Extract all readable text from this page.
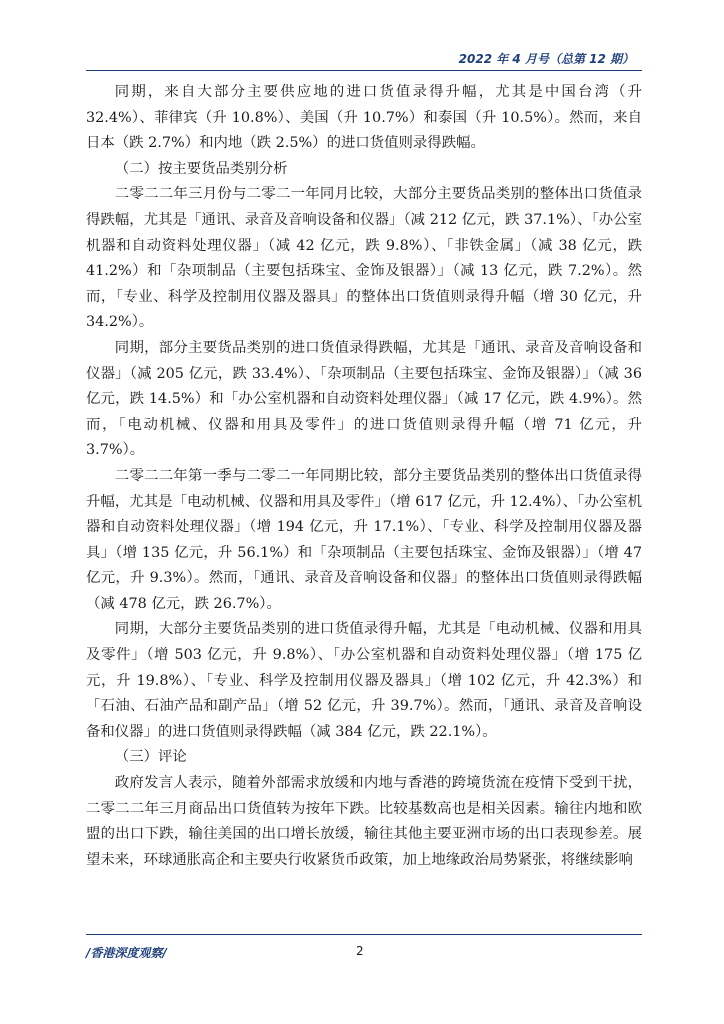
2022 年 4 月号（总第 12 期）

同期，来自大部分主要供应地的进口货值录得升幅，尤其是中国台湾（升 32.4%）、菲律宾（升 10.8%）、美国（升 10.7%）和泰国（升 10.5%）。然而，来自日本（跌 2.7%）和内地（跌 2.5%）的进口货值则录得跌幅。

（二）按主要货品类别分析

二零二二年三月份与二零二一年同月比较，大部分主要货品类别的整体出口货值录得跌幅，尤其是「通讯、录音及音响设备和仪器」（减 212 亿元，跌 37.1%）、「办公室机器和自动资料处理仪器」（减 42 亿元，跌 9.8%）、「非铁金属」（减 38 亿元，跌 41.2%）和「杂项制品（主要包括珠宝、金饰及银器）」（减 13 亿元，跌 7.2%）。然而，「专业、科学及控制用仪器及器具」的整体出口货值则录得升幅（增 30 亿元，升 34.2%）。

同期，部分主要货品类别的进口货值录得跌幅，尤其是「通讯、录音及音响设备和仪器」（减 205 亿元，跌 33.4%）、「杂项制品（主要包括珠宝、金饰及银器）」（减 36 亿元，跌 14.5%）和「办公室机器和自动资料处理仪器」（减 17 亿元，跌 4.9%）。然而，「电动机械、仪器和用具及零件」的进口货值则录得升幅（增 71 亿元，升 3.7%）。

二零二二年第一季与二零二一年同期比较，部分主要货品类别的整体出口货值录得升幅，尤其是「电动机械、仪器和用具及零件」（增 617 亿元，升 12.4%）、「办公室机器和自动资料处理仪器」（增 194 亿元，升 17.1%）、「专业、科学及控制用仪器及器具」（增 135 亿元，升 56.1%）和「杂项制品（主要包括珠宝、金饰及银器）」（增 47 亿元，升 9.3%）。然而，「通讯、录音及音响设备和仪器」的整体出口货值则录得跌幅（减 478 亿元，跌 26.7%）。

同期，大部分主要货品类别的进口货值录得升幅，尤其是「电动机械、仪器和用具及零件」（增 503 亿元，升 9.8%）、「办公室机器和自动资料处理仪器」（增 175 亿元，升 19.8%）、「专业、科学及控制用仪器及器具」（增 102 亿元，升 42.3%）和「石油、石油产品和副产品」（增 52 亿元，升 39.7%）。然而，「通讯、录音及音响设备和仪器」的进口货值则录得跌幅（减 384 亿元，跌 22.1%）。

（三）评论

政府发言人表示，随着外部需求放缓和内地与香港的跨境货流在疫情下受到干扰，二零二二年三月商品出口货值转为按年下跌。比较基数高也是相关因素。输往内地和欧盟的出口下跌，输往美国的出口增长放缓，输往其他主要亚洲市场的出口表现参差。展望未来，环球通胀高企和主要央行收紧货币政策，加上地缘政治局势紧张，将继续影响

/香港深度观察/	2
